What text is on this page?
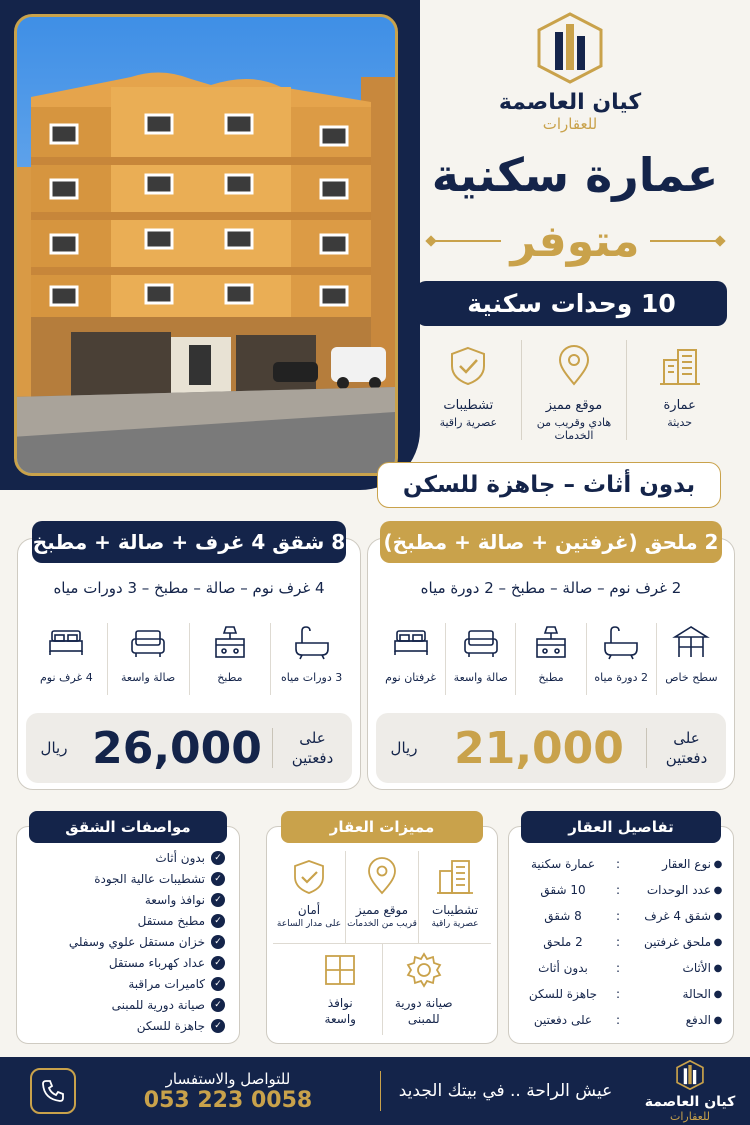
كيان العاصمة
للعقارات
عمارة سكنية
متوفر
10 وحدات سكنية
عمارة
حديثة
موقع مميز
هادي وقريب من الخدمات
تشطيبات
عصرية راقية
بدون أثاث – جاهزة للسكن
2 ملحق (غرفتين + صالة + مطبخ)
2 غرف نوم – صالة – مطبخ – 2 دورة مياه
سطح خاص
2 دورة مياه
مطبخ
صالة واسعة
غرفتان نوم
على
دفعتين
21,000
ريال
8 شقق 4 غرف + صالة + مطبخ
4 غرف نوم – صالة – مطبخ – 3 دورات مياه
3 دورات مياه
مطبخ
صالة واسعة
4 غرف نوم
على
دفعتين
26,000
ريال
تفاصيل العقار
●
نوع العقار
:
عمارة سكنية
●
عدد الوحدات
:
10 شقق
●
شقق 4 غرف
:
8 شقق
●
ملحق غرفتين
:
2 ملحق
●
الأثاث
:
بدون أثاث
●
الحالة
:
جاهزة للسكن
●
الدفع
:
على دفعتين
مميزات العقار
تشطيبات
عصرية راقية
موقع مميز
قريب من الخدمات
أمان
على مدار الساعة
صيانة دورية
للمبنى
نوافذ
واسعة
مواصفات الشقق
✓
بدون أثاث
✓
تشطيبات عالية الجودة
✓
نوافذ واسعة
✓
مطبخ مستقل
✓
خزان مستقل علوي وسفلي
✓
عداد كهرباء مستقل
✓
كاميرات مراقبة
✓
صيانة دورية للمبنى
✓
جاهزة للسكن
كيان العاصمة
للعقارات
عيش الراحة .. في بيتك الجديد
للتواصل والاستفسار
053 223 0058
